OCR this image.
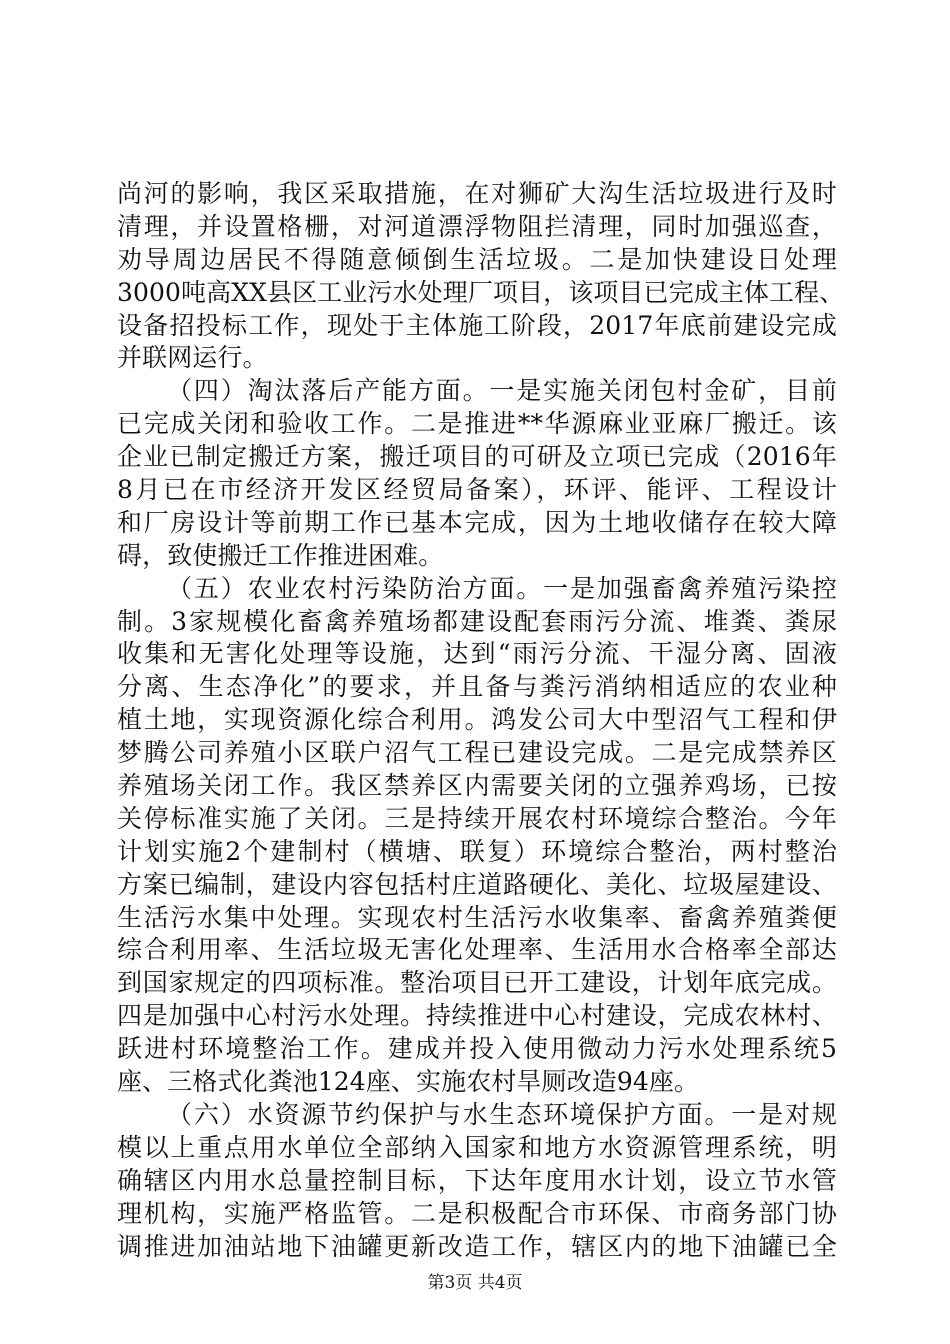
尚河的影响，我区采取措施，在对狮矿大沟生活垃圾进行及时
清理，并设置格栅，对河道漂浮物阻拦清理，同时加强巡查，
劝导周边居民不得随意倾倒生活垃圾。二是加快建设日处理
3000吨高XX县区工业污水处理厂项目，该项目已完成主体工程、
设备招投标工作，现处于主体施工阶段，2017年底前建设完成
并联网运行。
（四）淘汰落后产能方面。一是实施关闭包村金矿，目前
已完成关闭和验收工作。二是推进**华源麻业亚麻厂搬迁。该
企业已制定搬迁方案，搬迁项目的可研及立项已完成（2016年
8月已在市经济开发区经贸局备案），环评、能评、工程设计
和厂房设计等前期工作已基本完成，因为土地收储存在较大障
碍，致使搬迁工作推进困难。
（五）农业农村污染防治方面。一是加强畜禽养殖污染控
制。3家规模化畜禽养殖场都建设配套雨污分流、堆粪、粪尿
收集和无害化处理等设施，达到“雨污分流、干湿分离、固液
分离、生态净化”的要求，并且备与粪污消纳相适应的农业种
植土地，实现资源化综合利用。鸿发公司大中型沼气工程和伊
梦腾公司养殖小区联户沼气工程已建设完成。二是完成禁养区
养殖场关闭工作。我区禁养区内需要关闭的立强养鸡场，已按
关停标准实施了关闭。三是持续开展农村环境综合整治。今年
计划实施2个建制村（横塘、联复）环境综合整治，两村整治
方案已编制，建设内容包括村庄道路硬化、美化、垃圾屋建设、
生活污水集中处理。实现农村生活污水收集率、畜禽养殖粪便
综合利用率、生活垃圾无害化处理率、生活用水合格率全部达
到国家规定的四项标准。整治项目已开工建设，计划年底完成。
四是加强中心村污水处理。持续推进中心村建设，完成农林村、
跃进村环境整治工作。建成并投入使用微动力污水处理系统5
座、三格式化粪池124座、实施农村旱厕改造94座。
（六）水资源节约保护与水生态环境保护方面。一是对规
模以上重点用水单位全部纳入国家和地方水资源管理系统，明
确辖区内用水总量控制目标，下达年度用水计划，设立节水管
理机构，实施严格监管。二是积极配合市环保、市商务部门协
调推进加油站地下油罐更新改造工作，辖区内的地下油罐已全
第3页 共4页
